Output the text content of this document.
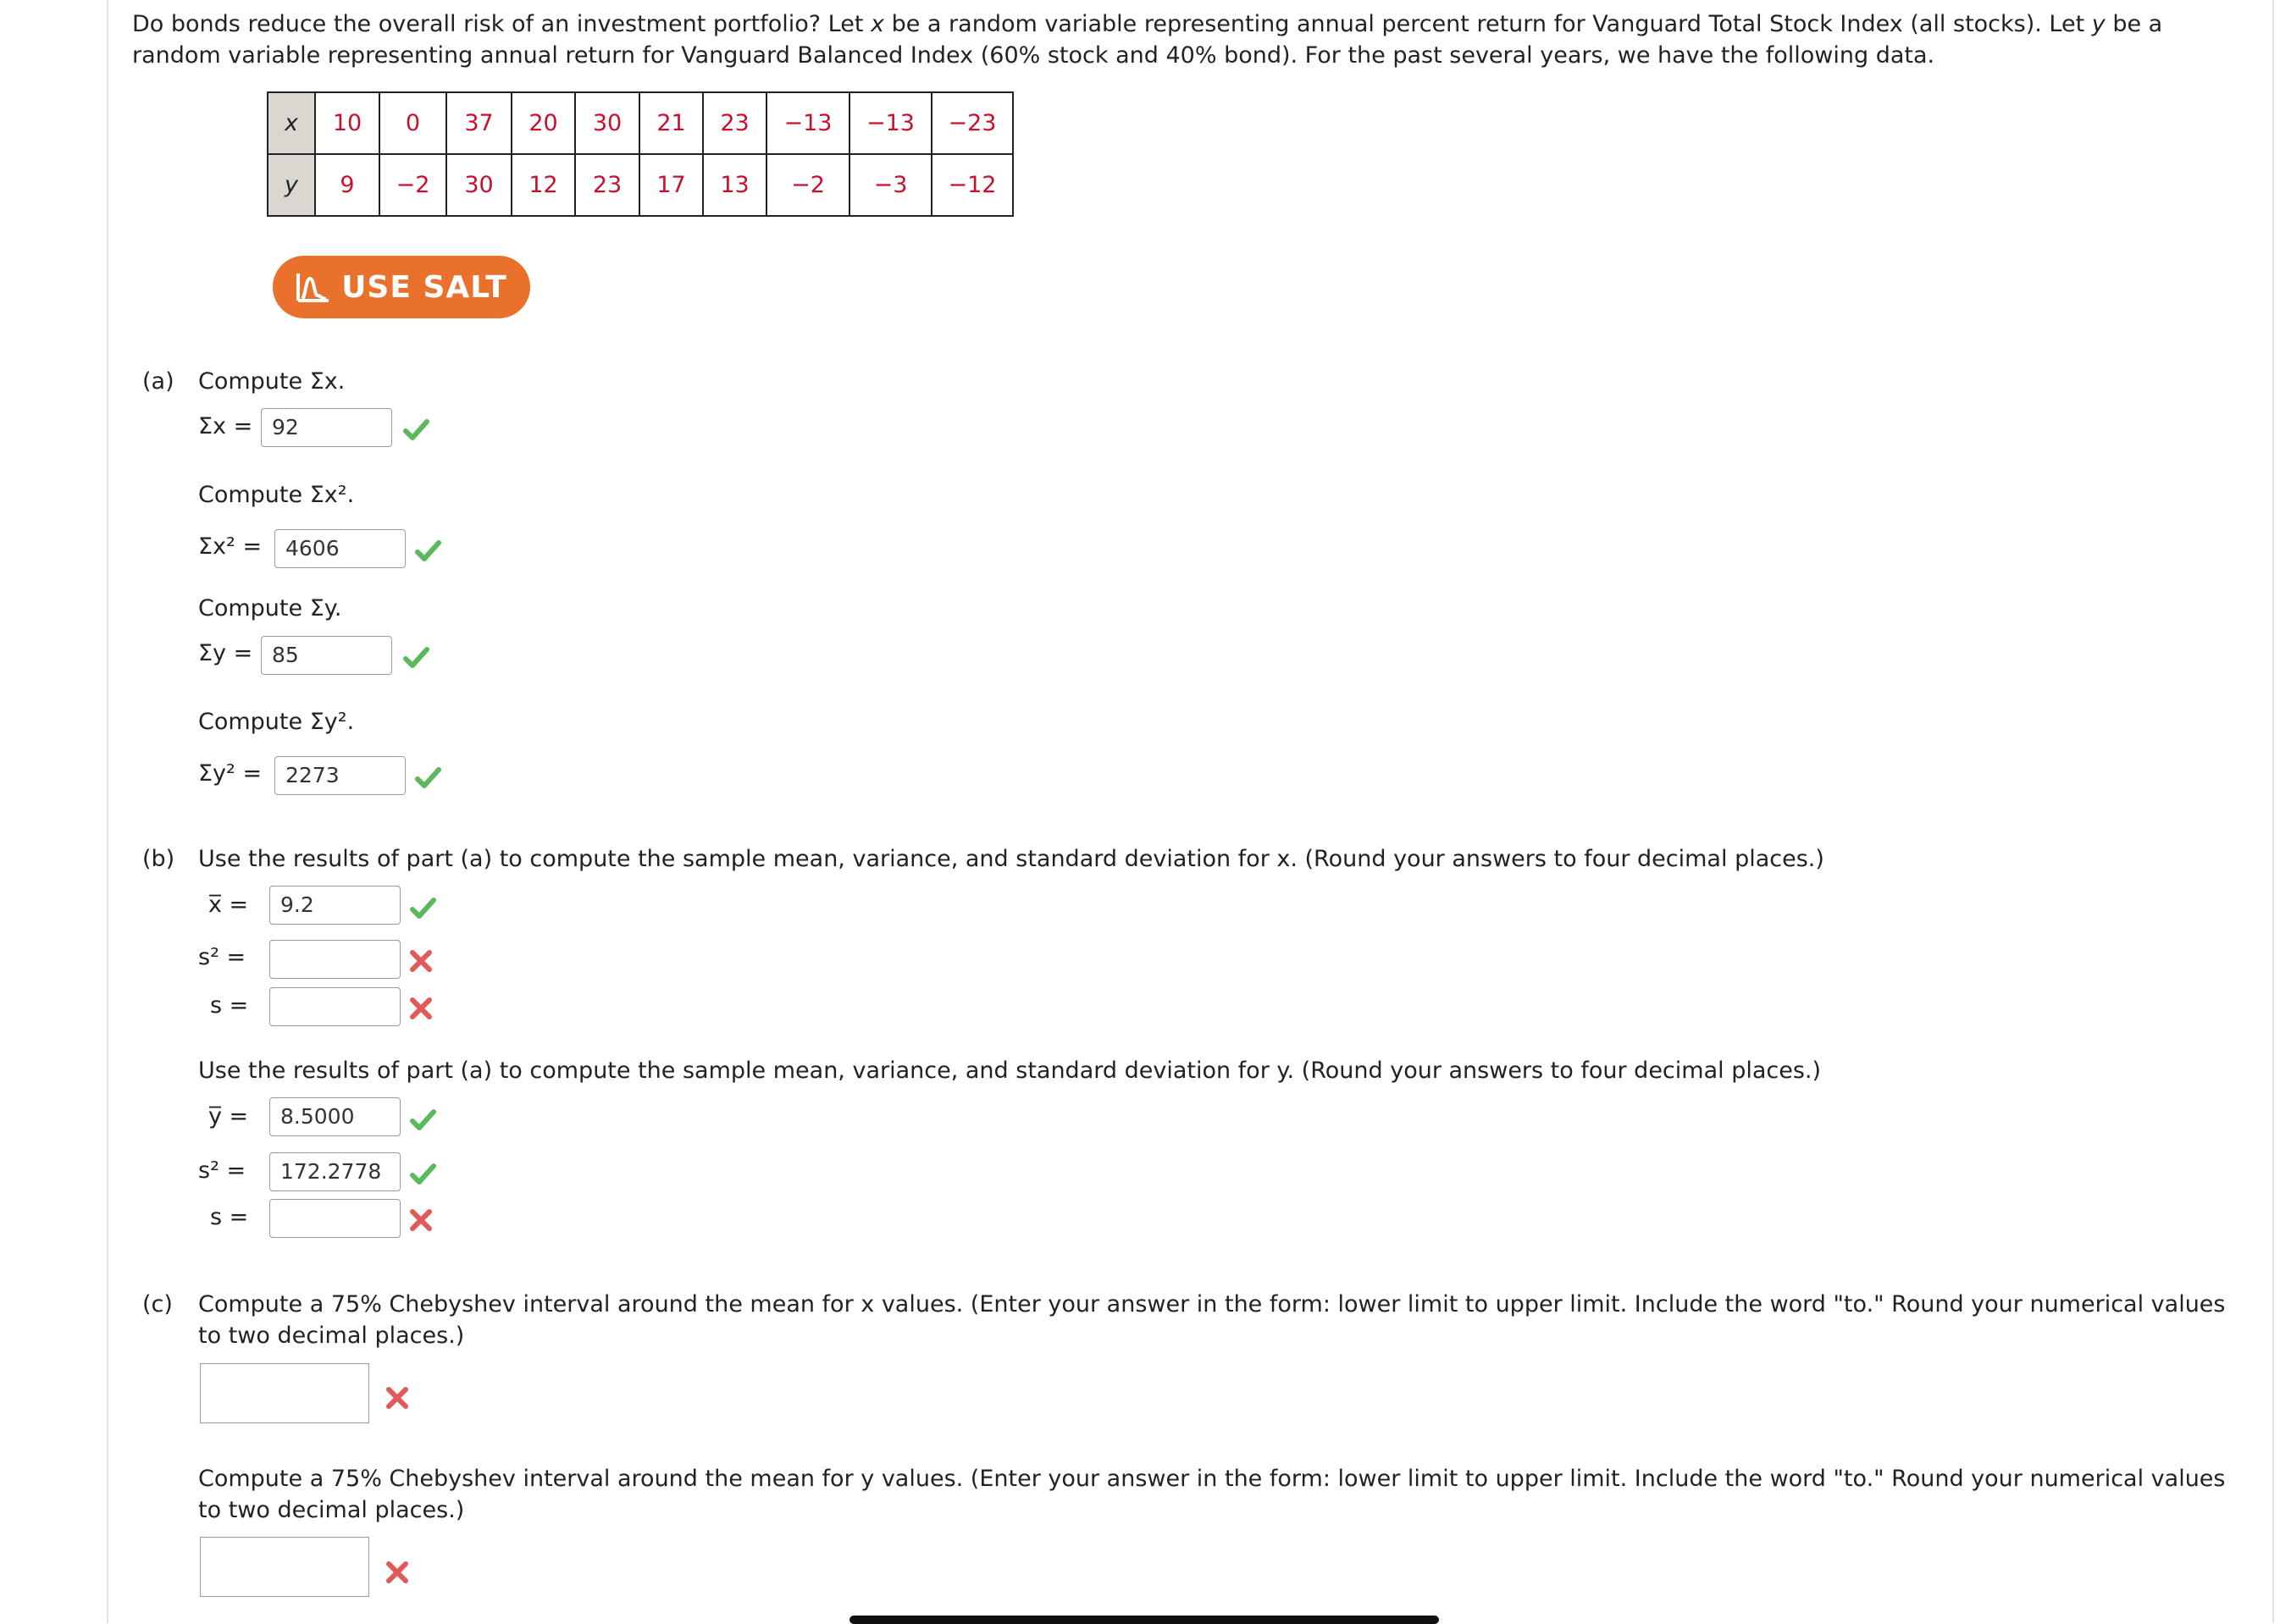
Do bonds reduce the overall risk of an investment portfolio? Let x be a random variable representing annual percent return for Vanguard Total Stock Index (all stocks). Let y be a random variable representing annual return for Vanguard Balanced Index (60% stock and 40% bond). For the past several years, we have the following data.
x	10	0	37	20	30	21	23	−13	−13	−23
y	9	−2	30	12	23	17	13	−2	−3	−12
USE SALT
(a) Compute Σx.
Σx = 92
Compute Σx².
Σx² =	4606
Compute Σy.
Σy = 85
Compute Σy².
Σy² =	2273
(b) Use the results of part (a) to compute the sample mean, variance, and standard deviation for x. (Round your answers to four decimal places.)
x̅ =	9.2
s² =
s =
Use the results of part (a) to compute the sample mean, variance, and standard deviation for y. (Round your answers to four decimal places.)
y̅ =	8.5000
s² =	172.2778
s =
(c) Compute a 75% Chebyshev interval around the mean for x values. (Enter your answer in the form: lower limit to upper limit. Include the word "to." Round your numerical values to two decimal places.)
Compute a 75% Chebyshev interval around the mean for y values. (Enter your answer in the form: lower limit to upper limit. Include the word "to." Round your numerical values to two decimal places.)
